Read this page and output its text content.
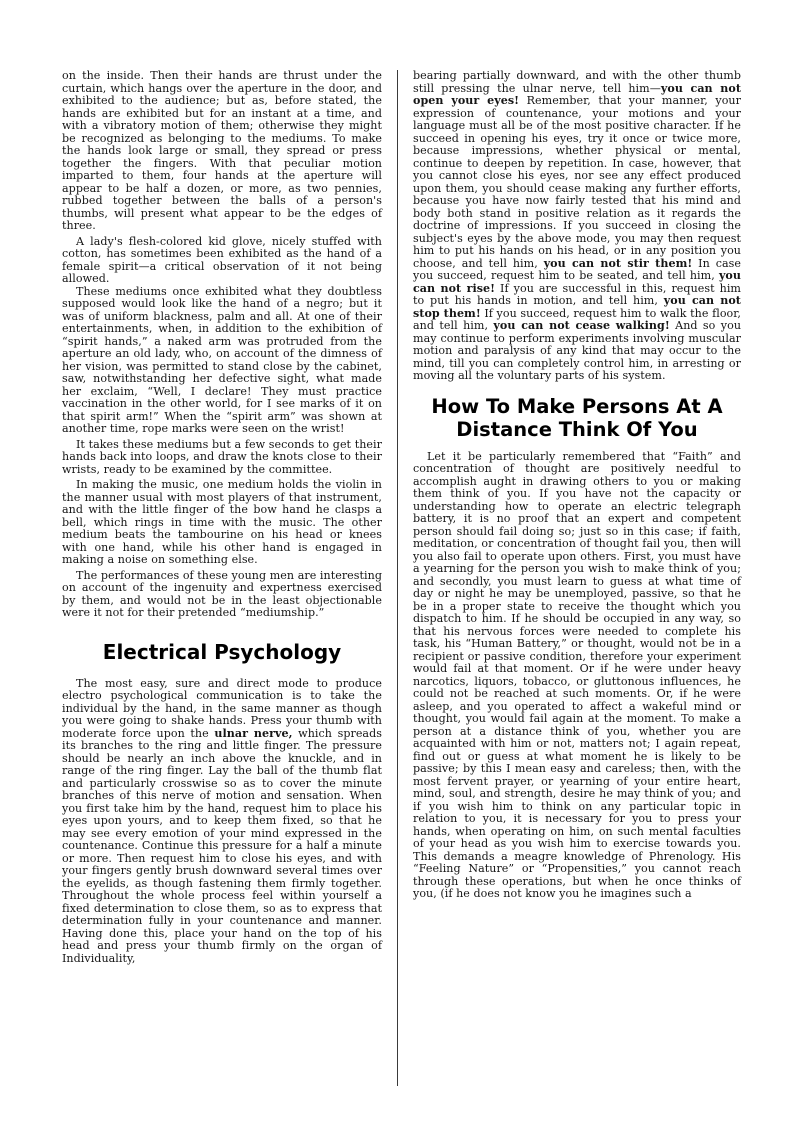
on the inside. Then their hands are thrust under the curtain, which hangs over the aperture in the door, and exhibited to the audience; but as, before stated, the hands are exhibited but for an instant at a time, and with a vibratory motion of them; otherwise they might be recognized as belonging to the mediums. To make the hands look large or small, they spread or press together the fingers. With that peculiar motion imparted to them, four hands at the aperture will appear to be half a dozen, or more, as two pennies, rubbed together between the balls of a person's thumbs, will present what appear to be the edges of three.

A lady's flesh-colored kid glove, nicely stuffed with cotton, has sometimes been exhibited as the hand of a female spirit—a critical observation of it not being allowed.

These mediums once exhibited what they doubtless supposed would look like the hand of a negro; but it was of uniform blackness, palm and all. At one of their entertainments, when, in addition to the exhibition of “spirit hands,” a naked arm was protruded from the aperture an old lady, who, on account of the dimness of her vision, was permitted to stand close by the cabinet, saw, notwithstanding her defective sight, what made her exclaim, “Well, I declare! They must practice vaccination in the other world, for I see marks of it on that spirit arm!” When the “spirit arm” was shown at another time, rope marks were seen on the wrist!

It takes these mediums but a few seconds to get their hands back into loops, and draw the knots close to their wrists, ready to be examined by the committee.

In making the music, one medium holds the violin in the manner usual with most players of that instrument, and with the little finger of the bow hand he clasps a bell, which rings in time with the music. The other medium beats the tambourine on his head or knees with one hand, while his other hand is engaged in making a noise on something else.

The performances of these young men are interesting on account of the ingenuity and expertness exercised by them, and would not be in the least objectionable were it not for their pretended “mediumship.”

Electrical Psychology

The most easy, sure and direct mode to produce electro psychological communication is to take the individual by the hand, in the same manner as though you were going to shake hands. Press your thumb with moderate force upon the ulnar nerve, which spreads its branches to the ring and little finger. The pressure should be nearly an inch above the knuckle, and in range of the ring finger. Lay the ball of the thumb flat and particularly crosswise so as to cover the minute branches of this nerve of motion and sensation. When you first take him by the hand, request him to place his eyes upon yours, and to keep them fixed, so that he may see every emotion of your mind expressed in the countenance. Continue this pressure for a half a minute or more. Then request him to close his eyes, and with your fingers gently brush downward several times over the eyelids, as though fastening them firmly together. Throughout the whole process feel within yourself a fixed determination to close them, so as to express that determination fully in your countenance and manner. Having done this, place your hand on the top of his head and press your thumb firmly on the organ of Individuality,

bearing partially downward, and with the other thumb still pressing the ulnar nerve, tell him—you can not open your eyes! Remember, that your manner, your expression of countenance, your motions and your language must all be of the most positive character. If he succeed in opening his eyes, try it once or twice more, because impressions, whether physical or mental, continue to deepen by repetition. In case, however, that you cannot close his eyes, nor see any effect produced upon them, you should cease making any further efforts, because you have now fairly tested that his mind and body both stand in positive relation as it regards the doctrine of impressions. If you succeed in closing the subject's eyes by the above mode, you may then request him to put his hands on his head, or in any position you choose, and tell him, you can not stir them! In case you succeed, request him to be seated, and tell him, you can not rise! If you are successful in this, request him to put his hands in motion, and tell him, you can not stop them! If you succeed, request him to walk the floor, and tell him, you can not cease walking! And so you may continue to perform experiments involving muscular motion and paralysis of any kind that may occur to the mind, till you can completely control him, in arresting or moving all the voluntary parts of his system.

How To Make Persons At A Distance Think Of You

Let it be particularly remembered that “Faith” and concentration of thought are positively needful to accomplish aught in drawing others to you or making them think of you. If you have not the capacity or understanding how to operate an electric telegraph battery, it is no proof that an expert and competent person should fail doing so; just so in this case; if faith, meditation, or concentration of thought fail you, then will you also fail to operate upon others. First, you must have a yearning for the person you wish to make think of you; and secondly, you must learn to guess at what time of day or night he may be unemployed, passive, so that he be in a proper state to receive the thought which you dispatch to him. If he should be occupied in any way, so that his nervous forces were needed to complete his task, his “Human Battery,” or thought, would not be in a recipient or passive condition, therefore your experiment would fail at that moment. Or if he were under heavy narcotics, liquors, tobacco, or gluttonous influences, he could not be reached at such moments. Or, if he were asleep, and you operated to affect a wakeful mind or thought, you would fail again at the moment. To make a person at a distance think of you, whether you are acquainted with him or not, matters not; I again repeat, find out or guess at what moment he is likely to be passive; by this I mean easy and careless; then, with the most fervent prayer, or yearning of your entire heart, mind, soul, and strength, desire he may think of you; and if you wish him to think on any particular topic in relation to you, it is necessary for you to press your hands, when operating on him, on such mental faculties of your head as you wish him to exercise towards you. This demands a meagre knowledge of Phrenology. His “Feeling Nature” or “Propensities,” you cannot reach through these operations, but when he once thinks of you, (if he does not know you he imagines such a
